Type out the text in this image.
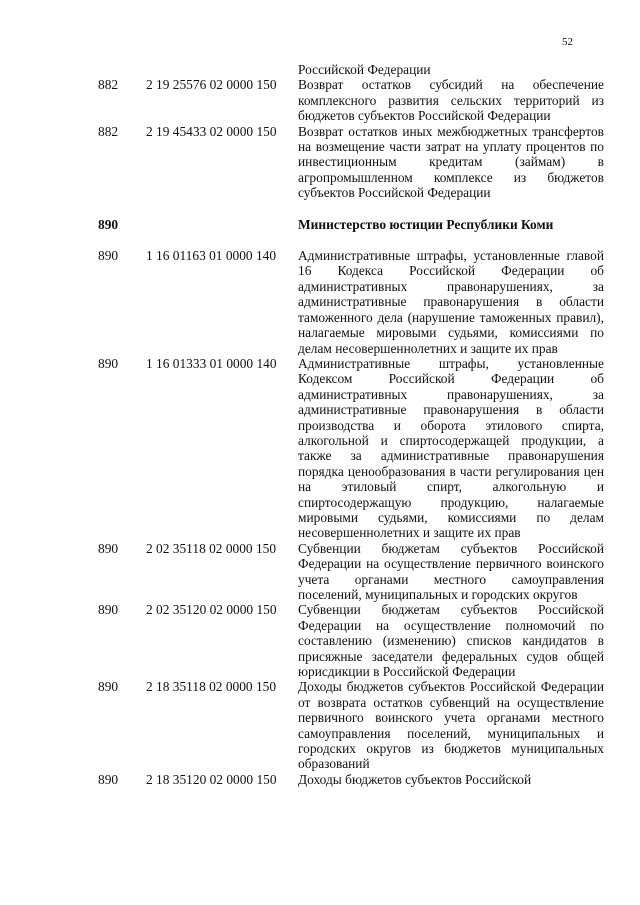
52
Российской Федерации
882 2 19 25576 02 0000 150 Возврат остатков субсидий на обеспечение комплексного развития сельских территорий из бюджетов субъектов Российской Федерации
882 2 19 45433 02 0000 150 Возврат остатков иных межбюджетных трансфертов на возмещение части затрат на уплату процентов по инвестиционным кредитам (займам) в агропромышленном комплексе из бюджетов субъектов Российской Федерации
890	Министерство юстиции Республики Коми
890 1 16 01163 01 0000 140 Административные штрафы, установленные главой 16 Кодекса Российской Федерации об административных правонарушениях, за административные правонарушения в области таможенного дела (нарушение таможенных правил), налагаемые мировыми судьями, комиссиями по делам несовершеннолетних и защите их прав
890 1 16 01333 01 0000 140 Административные штрафы, установленные Кодексом Российской Федерации об административных правонарушениях, за административные правонарушения в области производства и оборота этилового спирта, алкогольной и спиртосодержащей продукции, а также за административные правонарушения порядка ценообразования в части регулирования цен на этиловый спирт, алкогольную и спиртосодержащую продукцию, налагаемые мировыми судьями, комиссиями по делам несовершеннолетних и защите их прав
890 2 02 35118 02 0000 150 Субвенции бюджетам субъектов Российской Федерации на осуществление первичного воинского учета органами местного самоуправления поселений, муниципальных и городских округов
890 2 02 35120 02 0000 150 Субвенции бюджетам субъектов Российской Федерации на осуществление полномочий по составлению (изменению) списков кандидатов в присяжные заседатели федеральных судов общей юрисдикции в Российской Федерации
890 2 18 35118 02 0000 150 Доходы бюджетов субъектов Российской Федерации от возврата остатков субвенций на осуществление первичного воинского учета органами местного самоуправления поселений, муниципальных и городских округов из бюджетов муниципальных образований
890 2 18 35120 02 0000 150 Доходы бюджетов субъектов Российской
